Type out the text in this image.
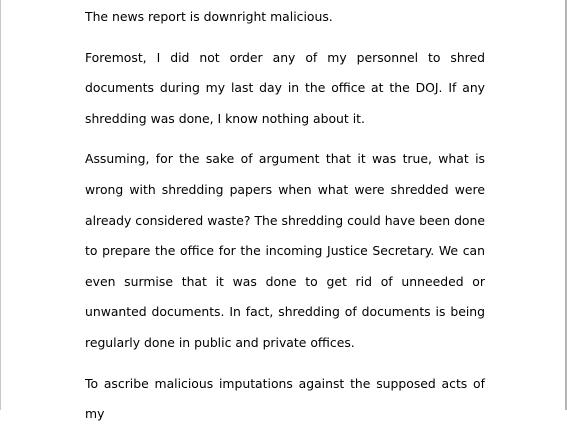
The news report is downright malicious.

Foremost, I did not order any of my personnel to shred documents during my last day in the office at the DOJ. If any shredding was done, I know nothing about it.

Assuming, for the sake of argument that it was true, what is wrong with shredding papers when what were shredded were already considered waste? The shredding could have been done to prepare the office for the incoming Justice Secretary. We can even surmise that it was done to get rid of unneeded or unwanted documents. In fact, shredding of documents is being regularly done in public and private offices.

To ascribe malicious imputations against the supposed acts of my
